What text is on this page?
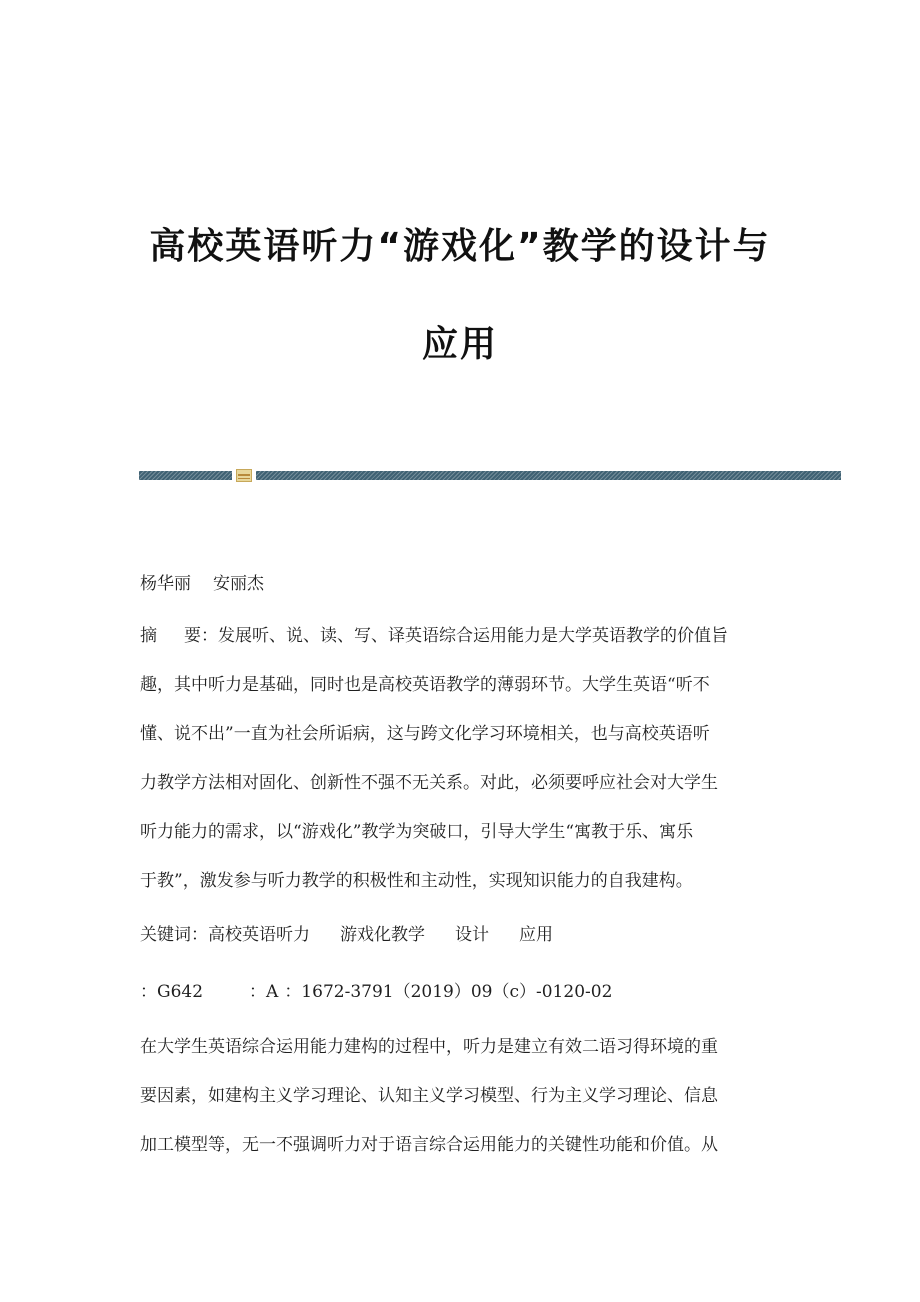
高校英语听力“游戏化”教学的设计与
应用
杨华丽 安丽杰
摘 要：发展听、说、读、写、译英语综合运用能力是大学英语教学的价值旨
趣，其中听力是基础，同时也是高校英语教学的薄弱环节。大学生英语“听不
懂、说不出”一直为社会所诟病，这与跨文化学习环境相关，也与高校英语听
力教学方法相对固化、创新性不强不无关系。对此，必须要呼应社会对大学生
听力能力的需求，以“游戏化”教学为突破口，引导大学生“寓教于乐、寓乐
于教”，激发参与听力教学的积极性和主动性，实现知识能力的自我建构。
关键词：高校英语听力 游戏化教学 设计 应用
：G642	：A ：1672-3791（2019）09（c）-0120-02
在大学生英语综合运用能力建构的过程中，听力是建立有效二语习得环境的重
要因素，如建构主义学习理论、认知主义学习模型、行为主义学习理论、信息
加工模型等，无一不强调听力对于语言综合运用能力的关键性功能和价值。从
